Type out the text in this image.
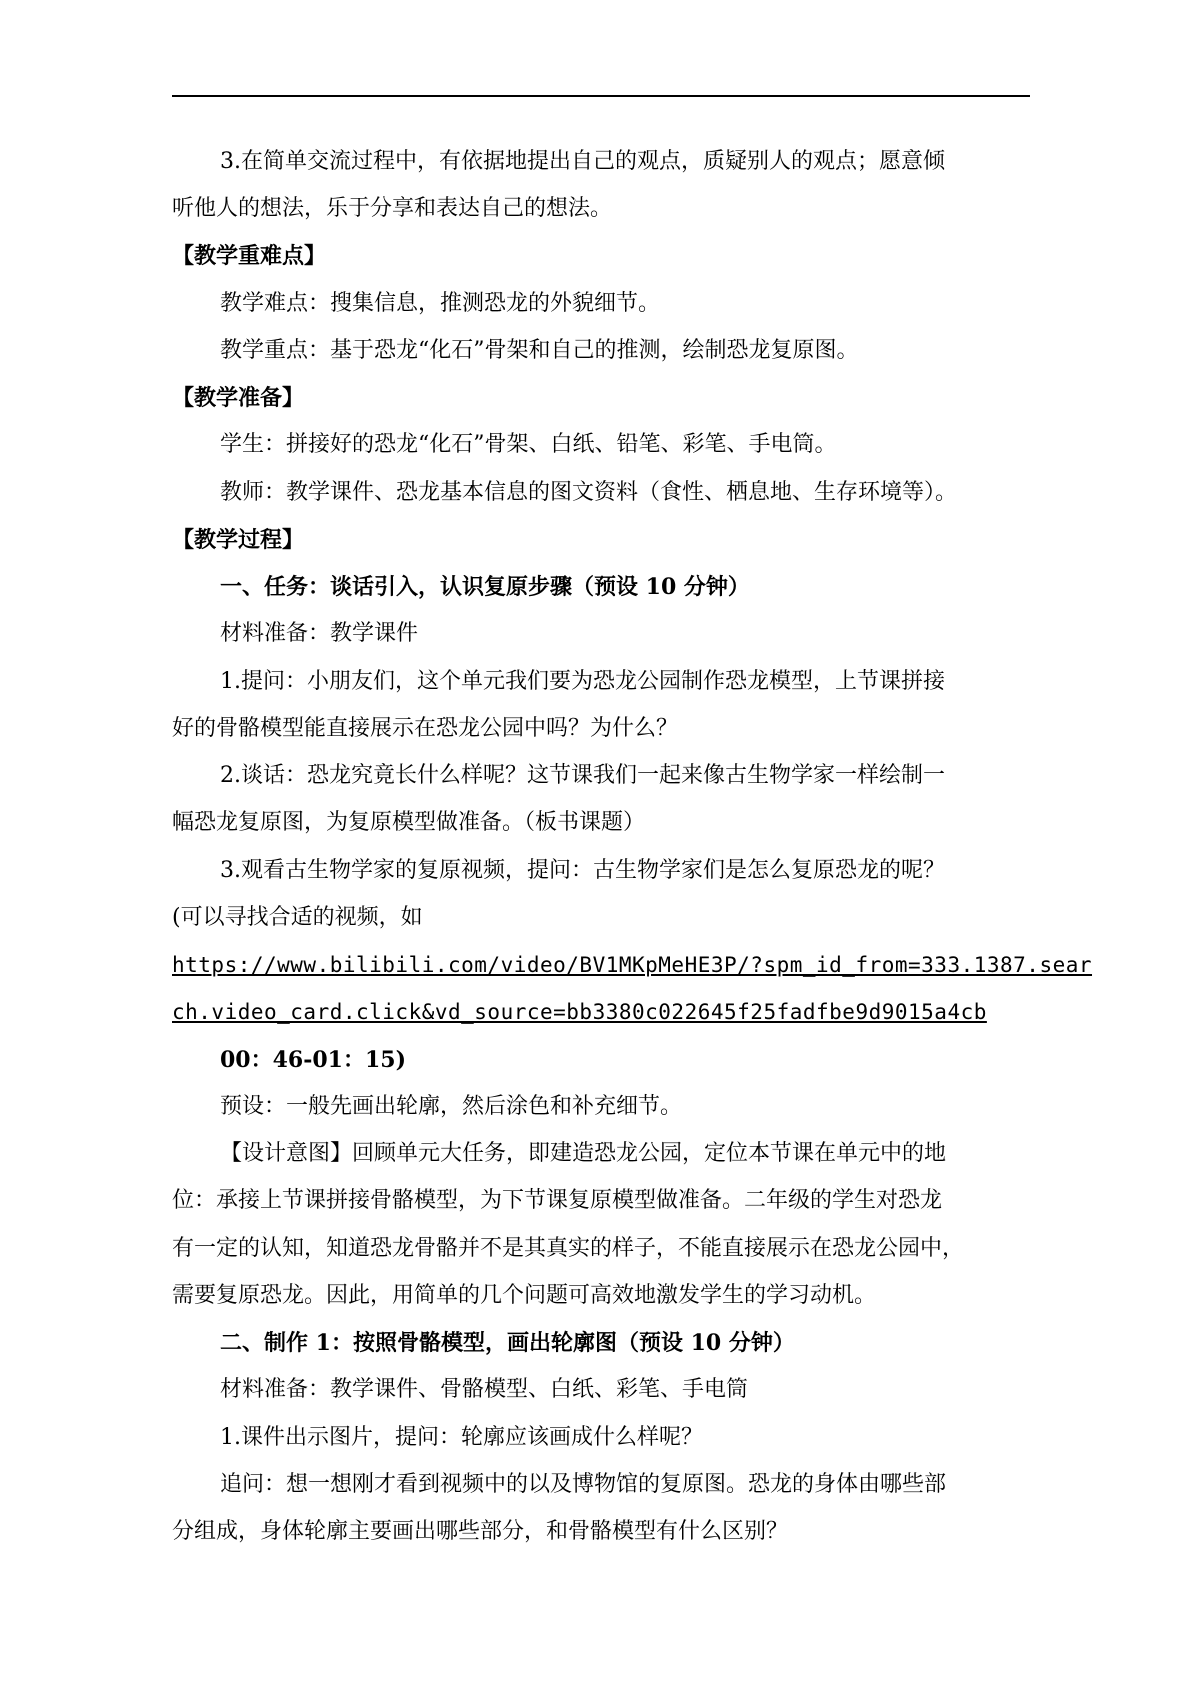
3.在简单交流过程中，有依据地提出自己的观点，质疑别人的观点；愿意倾
听他人的想法，乐于分享和表达自己的想法。
【教学重难点】
教学难点：搜集信息，推测恐龙的外貌细节。
教学重点：基于恐龙“化石”骨架和自己的推测，绘制恐龙复原图。
【教学准备】
学生：拼接好的恐龙“化石”骨架、白纸、铅笔、彩笔、手电筒。
教师：教学课件、恐龙基本信息的图文资料（食性、栖息地、生存环境等）。
【教学过程】
一、任务：谈话引入，认识复原步骤（预设 10 分钟）
材料准备：教学课件
1.提问：小朋友们，这个单元我们要为恐龙公园制作恐龙模型，上节课拼接
好的骨骼模型能直接展示在恐龙公园中吗？为什么？
2.谈话：恐龙究竟长什么样呢？这节课我们一起来像古生物学家一样绘制一
幅恐龙复原图，为复原模型做准备。（板书课题）
3.观看古生物学家的复原视频，提问：古生物学家们是怎么复原恐龙的呢？
(可以寻找合适的视频，如
https://www.bilibili.com/video/BV1MKpMeHE3P/?spm_id_from=333.1387.sear
ch.video_card.click&vd_source=bb3380c022645f25fadfbe9d9015a4cb
00：46-01：15)
预设：一般先画出轮廓，然后涂色和补充细节。
【设计意图】回顾单元大任务，即建造恐龙公园，定位本节课在单元中的地
位：承接上节课拼接骨骼模型，为下节课复原模型做准备。二年级的学生对恐龙
有一定的认知，知道恐龙骨骼并不是其真实的样子，不能直接展示在恐龙公园中，
需要复原恐龙。因此，用简单的几个问题可高效地激发学生的学习动机。
二、制作 1：按照骨骼模型，画出轮廓图（预设 10 分钟）
材料准备：教学课件、骨骼模型、白纸、彩笔、手电筒
1.课件出示图片，提问：轮廓应该画成什么样呢？
追问：想一想刚才看到视频中的以及博物馆的复原图。恐龙的身体由哪些部
分组成，身体轮廓主要画出哪些部分，和骨骼模型有什么区别？
